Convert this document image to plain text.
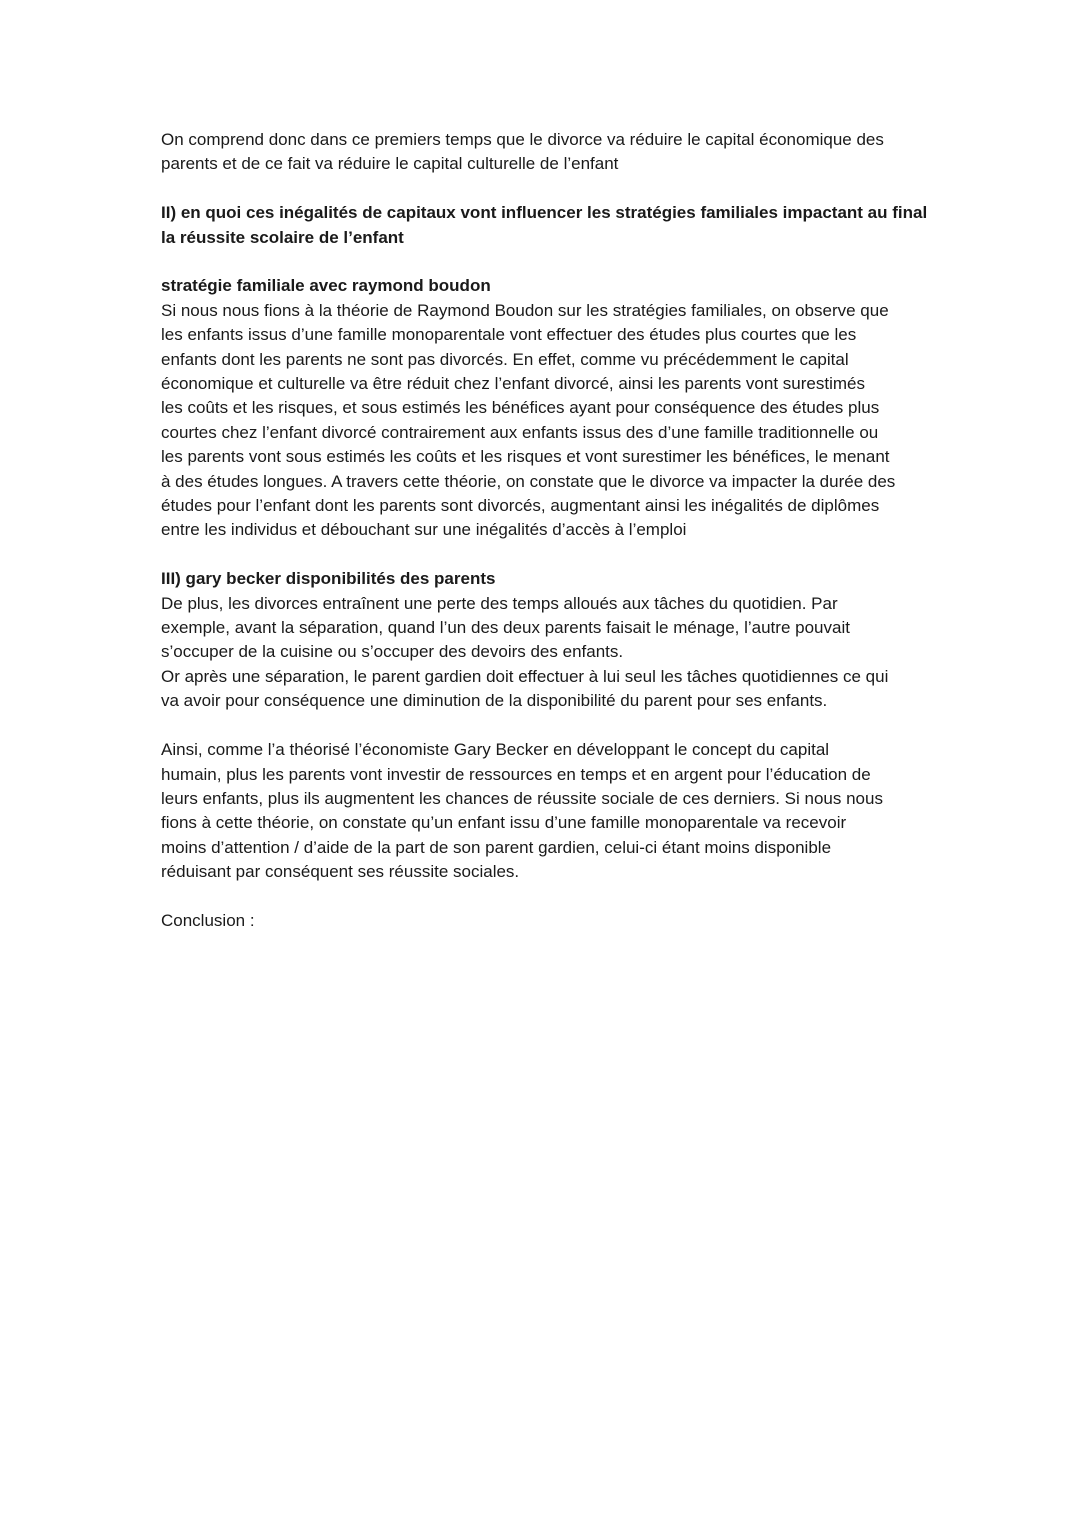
On comprend donc dans ce premiers temps que le divorce va réduire le capital économique des
parents et de ce fait va réduire le capital culturelle de l’enfant

II) en quoi ces inégalités de capitaux vont influencer les stratégies familiales impactant au final
la réussite scolaire de l’enfant

stratégie familiale avec raymond boudon

Si nous nous fions à la théorie de Raymond Boudon sur les stratégies familiales, on observe que
les enfants issus d’une famille monoparentale vont effectuer des études plus courtes que les
enfants dont les parents ne sont pas divorcés. En effet, comme vu précédemment le capital
économique et culturelle va être réduit chez l’enfant divorcé, ainsi les parents vont surestimés
les coûts et les risques, et sous estimés les bénéfices ayant pour conséquence des études plus
courtes chez l’enfant divorcé contrairement aux enfants issus des d’une famille traditionnelle ou
les parents vont sous estimés les coûts et les risques et vont surestimer les bénéfices, le menant
à des études longues. A travers cette théorie, on constate que le divorce va impacter la durée des
études pour l’enfant dont les parents sont divorcés, augmentant ainsi les inégalités de diplômes
entre les individus et débouchant sur une inégalités d’accès à l’emploi

III) gary becker disponibilités des parents

De plus, les divorces entraînent une perte des temps alloués aux tâches du quotidien. Par
exemple, avant la séparation, quand l’un des deux parents faisait le ménage, l’autre pouvait
s’occuper de la cuisine ou s’occuper des devoirs des enfants.

Or après une séparation, le parent gardien doit effectuer à lui seul les tâches quotidiennes ce qui
va avoir pour conséquence une diminution de la disponibilité du parent pour ses enfants.

Ainsi, comme l’a théorisé l’économiste Gary Becker en développant le concept du capital
humain, plus les parents vont investir de ressources en temps et en argent pour l’éducation de
leurs enfants, plus ils augmentent les chances de réussite sociale de ces derniers. Si nous nous
fions à cette théorie, on constate qu’un enfant issu d’une famille monoparentale va recevoir
moins d’attention / d’aide de la part de son parent gardien, celui-ci étant moins disponible
réduisant par conséquent ses réussite sociales.

Conclusion :
